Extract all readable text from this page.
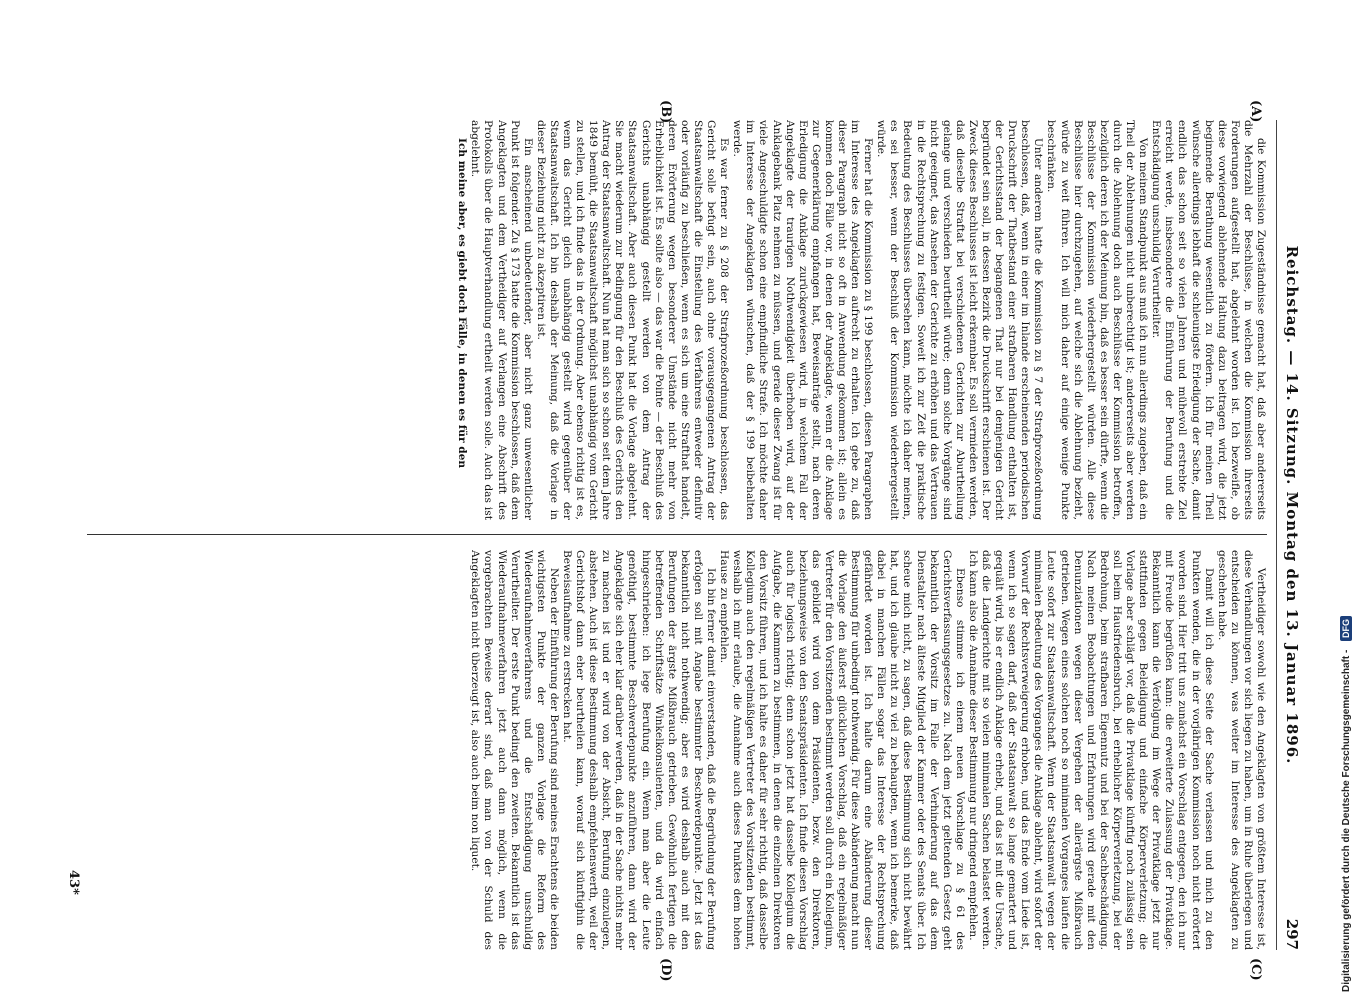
Reichstag. — 14. Sitzung. Montag den 13. Januar 1896.
297
(A)
(B)
(C)
(D)

die Kommission Zugeständnisse gemacht hat, daß aber andererseits die Mehrzahl der Beschlüsse, in welchen die Kommission ihrerseits Forderungen aufgestellt hat, abgelehnt worden ist. Ich bezweifle, ob diese vorwiegend ablehnende Haltung dazu beitragen wird, die jetzt beginnende Berathung wesentlich zu fördern. Ich für meinen Theil wünsche allerdings lebhaft die schleunigste Erledigung der Sache, damit endlich das schon seit so vielen Jahren und mühevoll erstrebte Ziel erreicht werde, insbesondere die Einführung der Berufung und die Entschädigung unschuldig Verurtheilter.

Von meinem Standpunkt aus muß ich nun allerdings zugeben, daß ein Theil der Ablehnungen nicht unberechtigt ist; andererseits aber werden durch die Ablehnung doch auch Beschlüsse der Kommission betroffen, bezüglich deren ich der Meinung bin, daß es besser sein dürfte, wenn die Beschlüsse der Kommission wiederhergestellt würden. Alle diese Beschlüsse hier durchzugehen, auf welche sich die Ablehnung bezieht, würde zu weit führen. Ich will mich daher auf einige wenige Punkte beschränken.

Unter anderem hatte die Kommission zu § 7 der Strafprozeßordnung beschlossen, daß, wenn in einer im Inlande erscheinenden periodischen Druckschrift der Thatbestand einer strafbaren Handlung enthalten ist, der Gerichtsstand der begangenen That nur bei demjenigen Gericht begründet sein soll, in dessen Bezirk die Druckschrift erschienen ist. Der Zweck dieses Beschlusses ist leicht erkennbar. Es soll vermieden werden, daß dieselbe Straftat bei verschiedenen Gerichten zur Aburtheilung gelange und verschieden beurtheilt würde; denn solche Vorgänge sind nicht geeignet, das Ansehen der Gerichte zu erhöhen und das Vertrauen in die Rechtsprechung zu festigen. Soweit ich zur Zeit die praktische Bedeutung des Beschlusses übersehen kann, möchte ich daher meinen, es sei besser, wenn der Beschluß der Kommission wiederhergestellt würde.

Ferner hat die Kommission zu § 199 beschlossen, diesen Paragraphen im Interesse des Angeklagten aufrecht zu erhalten. Ich gebe zu, daß dieser Paragraph nicht so oft in Anwendung gekommen ist; allein es kommen doch Fälle vor, in denen der Angeklagte, wenn er die Anklage zur Gegenerklärung empfangen hat, Beweisanträge stellt, nach deren Erledigung die Anklage zurückgewiesen wird, in welchem Fall der Angeklagte der traurigen Nothwendigkeit überhoben wird, auf der Anklagebank Platz nehmen zu müssen, und gerade dieser Zwang ist für viele Angeschuldigte schon eine empfindliche Strafe. Ich möchte daher im Interesse der Angeklagten wünschen, daß der § 199 beibehalten werde.

Es war ferner zu § 208 der Strafprozeßordnung beschlossen, das Gericht solle befugt sein, auch ohne vorausgegangenen Antrag der Staatsanwaltschaft die Einstellung des Verfahrens entweder definitiv oder vorläufig zu beschließen, wenn es sich um eine Strafthat handelt, deren Erörterung wegen besonderer Umstände nicht mehr von Erheblichkeit ist. Es sollte also — das war die Pointe — der Beschluß des Gerichts unabhängig gestellt werden von dem Antrag der Staatsanwaltschaft. Aber auch diesen Punkt hat die Vorlage abgelehnt. Sie macht wiederum zur Bedingung für den Beschluß des Gerichts den Antrag der Staatsanwaltschaft. Nun hat man sich so schon seit dem Jahre 1849 bemüht, die Staatsanwaltschaft möglichst unabhängig vom Gericht zu stellen, und ich finde das in der Ordnung. Aber ebenso richtig ist es, wenn das Gericht gleich unabhängig gestellt wird gegenüber der Staatsanwaltschaft. Ich bin deshalb der Meinung, daß die Vorlage in dieser Beziehung nicht zu akzeptiren ist.

Ein anscheinend unbedeutender, aber nicht ganz unwesentlicher Punkt ist folgender. Zu § 173 hatte die Kommission beschlossen, daß dem Angeklagten und dem Vertheidiger auf Verlangen eine Abschrift des Protokolls über die Hauptverhandlung ertheilt werden solle. Auch das ist abgelehnt.

Ich meine aber, es giebt doch Fälle, in denen es für den

Vertheidiger sowohl wie den Angeklagten von größtem Interesse ist, diese Verhandlungen vor sich liegen zu haben, um in Ruhe überlegen und entscheiden zu können, was weiter im Interesse des Angeklagten zu geschehen habe.

Damit will ich diese Seite der Sache verlassen und mich zu den Punkten wenden, die in der vorjährigen Kommission noch nicht erörtert worden sind. Hier tritt uns zunächst ein Vorschlag entgegen, den ich nur mit Freude begrüßen kann: die erweiterte Zulassung der Privatklage. Bekanntlich kann die Verfolgung im Wege der Privatklage jetzt nur stattfinden gegen Beleidigung und einfache Körperverletzung; die Vorlage aber schlägt vor, daß die Privatklage künftig noch zulässig sein soll beim Hausfriedensbruch, bei erheblicher Körperverletzung, bei der Bedrohung, beim strafbaren Eigennutz und bei der Sachbeschädigung. Nach meinen Beobachtungen und Erfahrungen wird gerade mit den Denunziationen wegen dieser Vergehen der allerärgste Mißbrauch getrieben. Wegen eines solchen noch so minimalen Vorganges laufen die Leute sofort zur Staatsanwaltschaft. Wenn der Staatsanwalt wegen der minimalen Bedeutung des Vorganges die Anklage ablehnt, wird sofort der Vorwurf der Rechtsverweigerung erhoben, und das Ende vom Liede ist, wenn ich so sagen darf, daß der Staatsanwalt so lange gemartert und gequält wird, bis er endlich Anklage erhebt, und das ist mit die Ursache, daß die Landgerichte mit so vielen minimalen Sachen belastet werden. Ich kann also die Annahme dieser Bestimmung nur dringend empfehlen.

Ebenso stimme ich einem neuen Vorschlage zu § 61 des Gerichtsverfassungsgesetzes zu. Nach dem jetzt geltenden Gesetz geht bekanntlich der Vorsitz im Falle der Verhinderung auf das dem Dienstalter nach älteste Mitglied der Kammer oder des Senats über. Ich scheue mich nicht, zu sagen, daß diese Bestimmung sich nicht bewährt hat, und ich glaube nicht zu viel zu behaupten, wenn ich bemerke, daß dabei in manchen Fällen sogar das Interesse der Rechtsprechung gefährdet worden ist. Ich halte darum eine Abänderung dieser Bestimmung für unbedingt nothwendig. Für diese Abänderung macht nun die Vorlage den äußerst glücklichen Vorschlag, daß ein regelmäßiger Vertreter für den Vorsitzenden bestimmt werden soll durch ein Kollegium, das gebildet wird von dem Präsidenten, bezw. den Direktoren, beziehungsweise von den Senatspräsidenten. Ich finde diesen Vorschlag auch für logisch richtig; denn schon jetzt hat dasselbe Kollegium die Aufgabe, die Kammern zu bestimmen, in denen die einzelnen Direktoren den Vorsitz führen, und ich halte es daher für sehr richtig, daß dasselbe Kollegium auch den regelmäßigen Vertreter des Vorsitzenden bestimmt, weshalb ich mir erlaube, die Annahme auch dieses Punktes dem hohen Hause zu empfehlen.

Ich bin ferner damit einverstanden, daß die Begründung der Berufung erfolgen soll mit Angabe bestimmter Beschwerdepunkte. Jetzt ist das bekanntlich nicht nothwendig; aber es wird deshalb auch mit den Berufungen der ärgste Mißbrauch getrieben. Gewöhnlich fertigen die betreffenden Schriftsätze Winkelkonsulenten, und da wird einfach hingeschrieben: ich lege Berufung ein. Wenn man aber die Leute genöthigt, bestimmte Beschwerdepunkte anzuführen, dann wird der Angeklagte sich eher klar darüber werden, daß in der Sache nichts mehr zu machen ist und er wird von der Absicht, Berufung einzulegen, abstehen. Auch ist diese Bestimmung deshalb empfehlenswerth, weil der Gerichtshof dann eher beurtheilen kann, worauf sich künftighin die Beweisaufnahme zu erstrecken hat.

Neben der Einführung der Berufung sind meines Erachtens die beiden wichtigsten Punkte der ganzen Vorlage die Reform des Wiederaufnahmeverfahrens und die Entschädigung unschuldig Verurtheilter. Der erste Punkt bedingt den zweiten. Bekanntlich ist das Wiederaufnahmeverfahren jetzt auch dann möglich, wenn die vorgebrachten Beweise derart sind, daß man von der Schuld des Angeklagten nicht überzeugt ist, also auch beim non liquet.

43*	Digitalisierung gefördert durch die Deutsche Forschungsgemeinschaft - DFG
